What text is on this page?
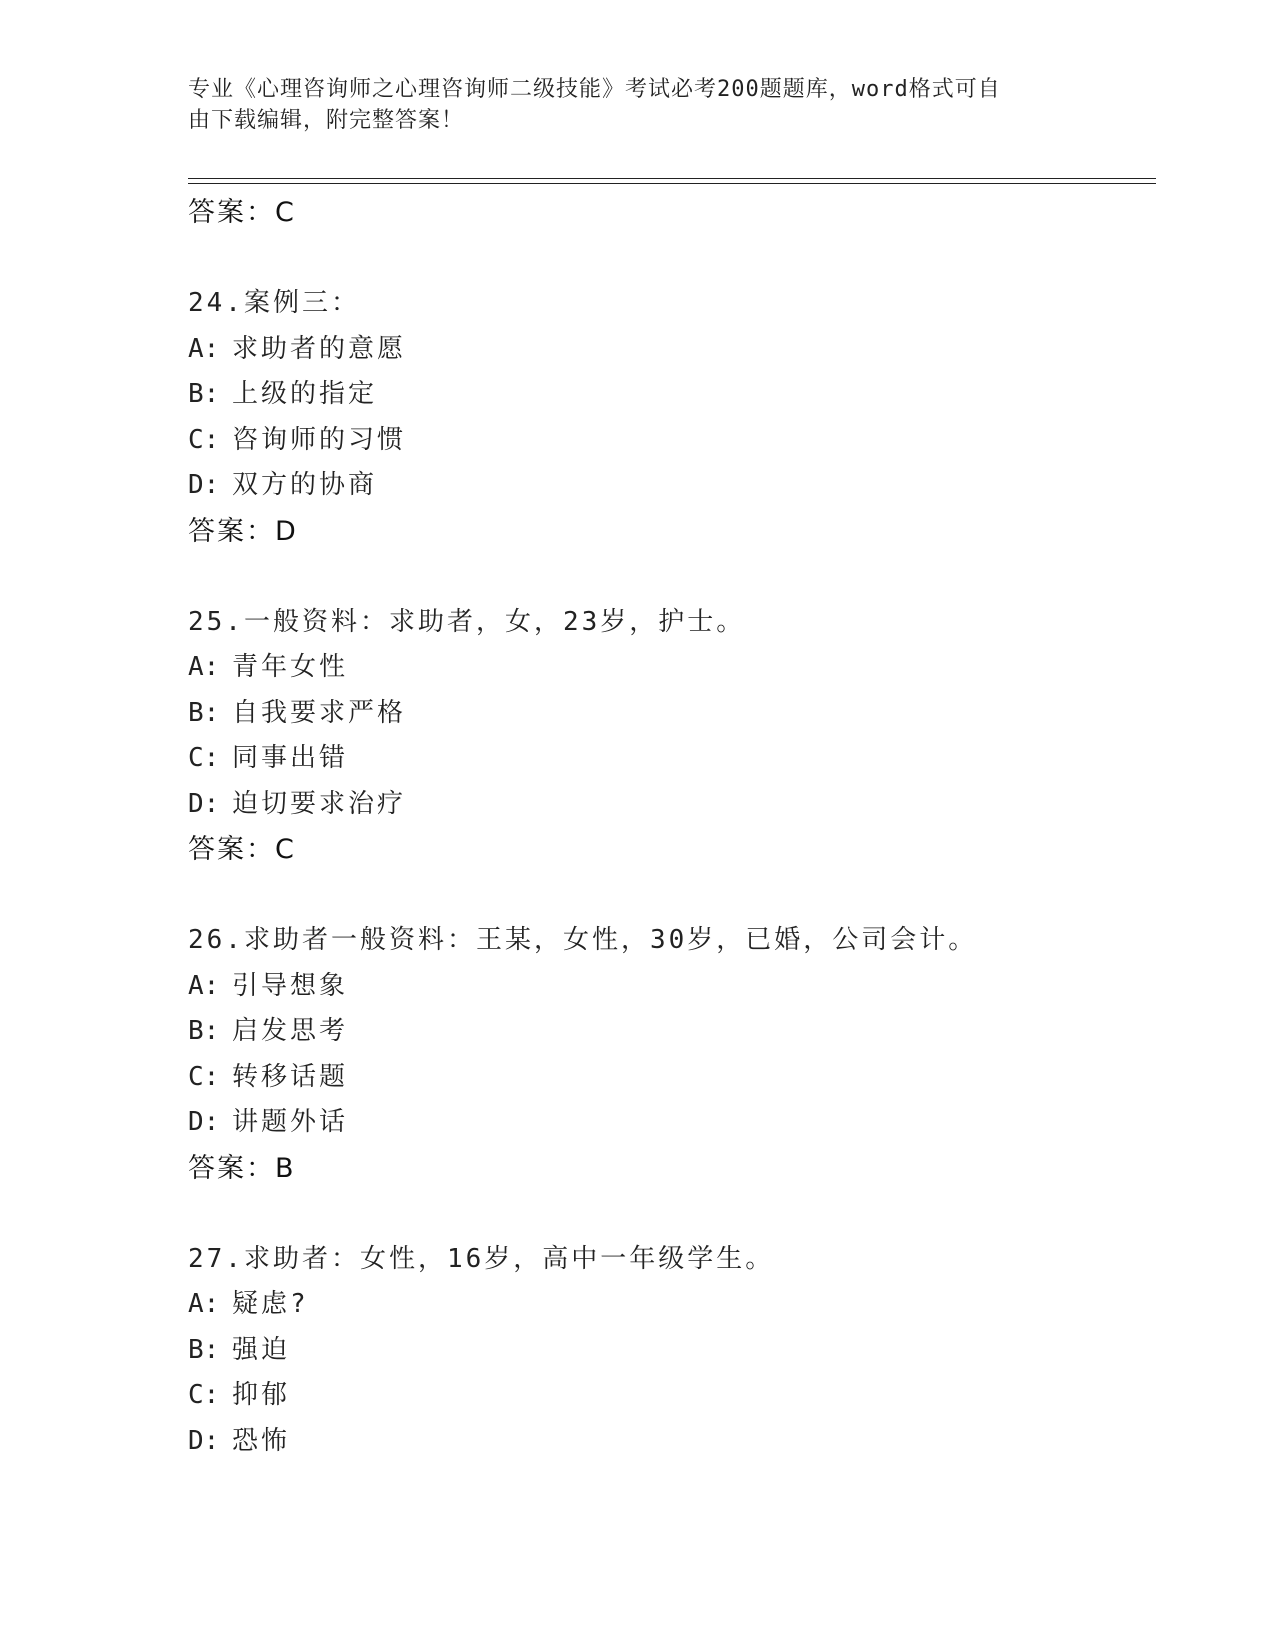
专业《心理咨询师之心理咨询师二级技能》考试必考200题题库，word格式可自
由下载编辑，附完整答案！
答案：C
24.案例三：
A: 求助者的意愿
B: 上级的指定
C: 咨询师的习惯
D: 双方的协商
答案：D
25.一般资料：求助者，女，23岁，护士。
A: 青年女性
B: 自我要求严格
C: 同事出错
D: 迫切要求治疗
答案：C
26.求助者一般资料：王某，女性，30岁，已婚，公司会计。
A: 引导想象
B: 启发思考
C: 转移话题
D: 讲题外话
答案：B
27.求助者：女性，16岁，高中一年级学生。
A: 疑虑?
B: 强迫
C: 抑郁
D: 恐怖
